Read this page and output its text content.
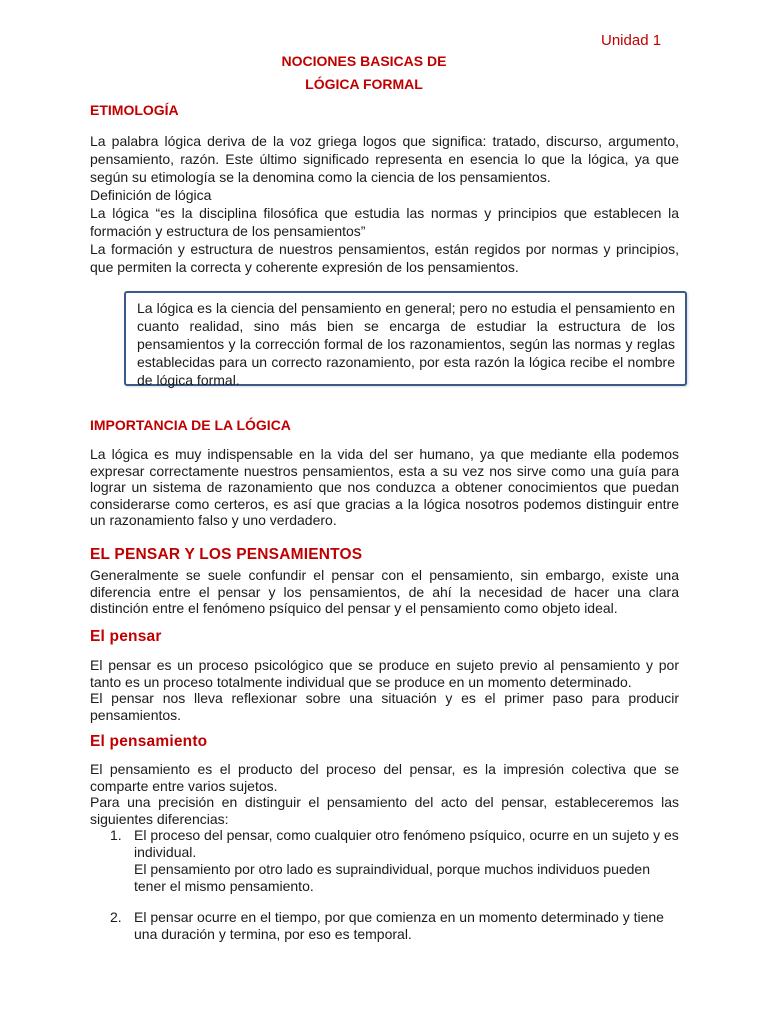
Unidad 1
NOCIONES BASICAS DE
LÓGICA FORMAL
ETIMOLOGÍA

La palabra lógica deriva de la voz griega logos que significa: tratado, discurso, argumento, pensamiento, razón. Este último significado representa en esencia lo que la lógica, ya que según su etimología se la denomina como la ciencia de los pensamientos.

Definición de lógica

La lógica “es la disciplina filosófica que estudia las normas y principios que establecen la formación y estructura de los pensamientos”

La formación y estructura de nuestros pensamientos, están regidos por normas y principios, que permiten la correcta y coherente expresión de los pensamientos.

La lógica es la ciencia del pensamiento en general; pero no estudia el pensamiento en cuanto realidad, sino más bien se encarga de estudiar la estructura de los pensamientos y la corrección formal de los razonamientos, según las normas y reglas establecidas para un correcto razonamiento, por esta razón la lógica recibe el nombre de lógica formal.
IMPORTANCIA DE LA LÓGICA

La lógica es muy indispensable en la vida del ser humano, ya que mediante ella podemos expresar correctamente nuestros pensamientos, esta a su vez nos sirve como una guía para lograr un sistema de razonamiento que nos conduzca a obtener conocimientos que puedan considerarse como certeros, es así que gracias a la lógica nosotros podemos distinguir entre un razonamiento falso y uno verdadero.

EL PENSAR Y LOS PENSAMIENTOS

Generalmente se suele confundir el pensar con el pensamiento, sin embargo, existe una diferencia entre el pensar y los pensamientos, de ahí la necesidad de hacer una clara distinción entre el fenómeno psíquico del pensar y el pensamiento como objeto ideal.

El pensar

El pensar es un proceso psicológico que se produce en sujeto previo al pensamiento y por tanto es un proceso totalmente individual que se produce en un momento determinado.

El pensar nos lleva reflexionar sobre una situación y es el primer paso para producir pensamientos.

El pensamiento

El pensamiento es el producto del proceso del pensar, es la impresión colectiva que se comparte entre varios sujetos.

Para una precisión en distinguir el pensamiento del acto del pensar, estableceremos las siguientes diferencias:

1. El proceso del pensar, como cualquier otro fenómeno psíquico, ocurre en un sujeto y es individual.

El pensamiento por otro lado es supraindividual, porque muchos individuos pueden tener el mismo pensamiento.

2. El pensar ocurre en el tiempo, por que comienza en un momento determinado y tiene una duración y termina, por eso es temporal.
